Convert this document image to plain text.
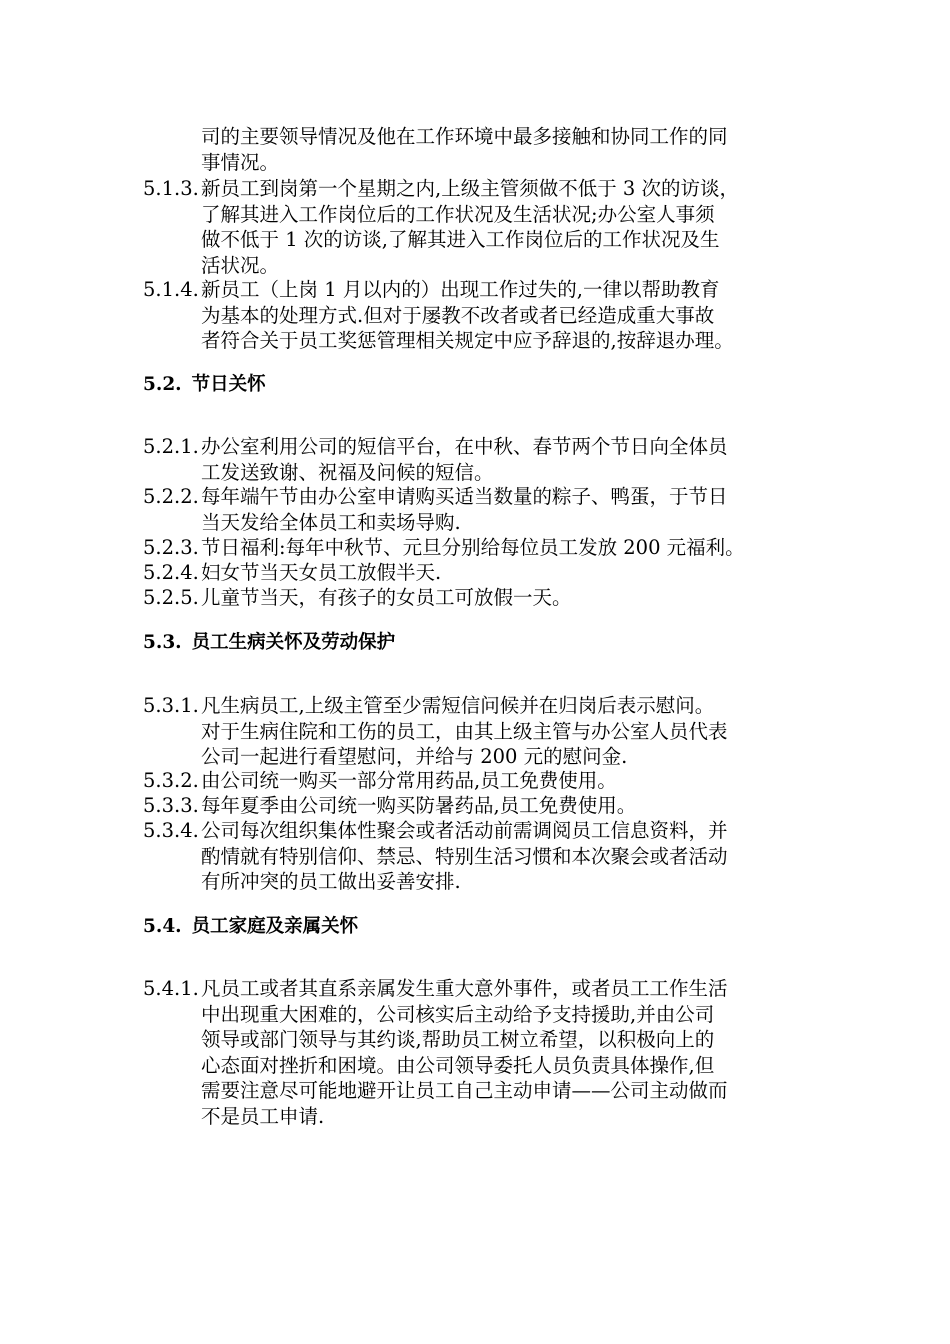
司的主要领导情况及他在工作环境中最多接触和协同工作的同
事情况。
5.1.3. 新员工到岗第一个星期之内,上级主管须做不低于 3 次的访谈，
了解其进入工作岗位后的工作状况及生活状况;办公室人事须
做不低于 1 次的访谈,了解其进入工作岗位后的工作状况及生
活状况。
5.1.4. 新员工（上岗 1 月以内的）出现工作过失的,一律以帮助教育
为基本的处理方式.但对于屡教不改者或者已经造成重大事故
者符合关于员工奖惩管理相关规定中应予辞退的,按辞退办理。
5.2. 节日关怀
5.2.1. 办公室利用公司的短信平台，在中秋、春节两个节日向全体员
工发送致谢、祝福及问候的短信。
5.2.2. 每年端午节由办公室申请购买适当数量的粽子、鸭蛋，于节日
当天发给全体员工和卖场导购.
5.2.3. 节日福利:每年中秋节、元旦分别给每位员工发放 200 元福利。
5.2.4. 妇女节当天女员工放假半天.
5.2.5. 儿童节当天，有孩子的女员工可放假一天。
5.3. 员工生病关怀及劳动保护
5.3.1. 凡生病员工,上级主管至少需短信问候并在归岗后表示慰问。
对于生病住院和工伤的员工，由其上级主管与办公室人员代表
公司一起进行看望慰问，并给与 200 元的慰问金.
5.3.2. 由公司统一购买一部分常用药品,员工免费使用。
5.3.3. 每年夏季由公司统一购买防暑药品,员工免费使用。
5.3.4. 公司每次组织集体性聚会或者活动前需调阅员工信息资料，并
酌情就有特别信仰、禁忌、特别生活习惯和本次聚会或者活动
有所冲突的员工做出妥善安排.
5.4. 员工家庭及亲属关怀
5.4.1. 凡员工或者其直系亲属发生重大意外事件，或者员工工作生活
中出现重大困难的，公司核实后主动给予支持援助,并由公司
领导或部门领导与其约谈,帮助员工树立希望，以积极向上的
心态面对挫折和困境。由公司领导委托人员负责具体操作,但
需要注意尽可能地避开让员工自己主动申请——公司主动做而
不是员工申请.
